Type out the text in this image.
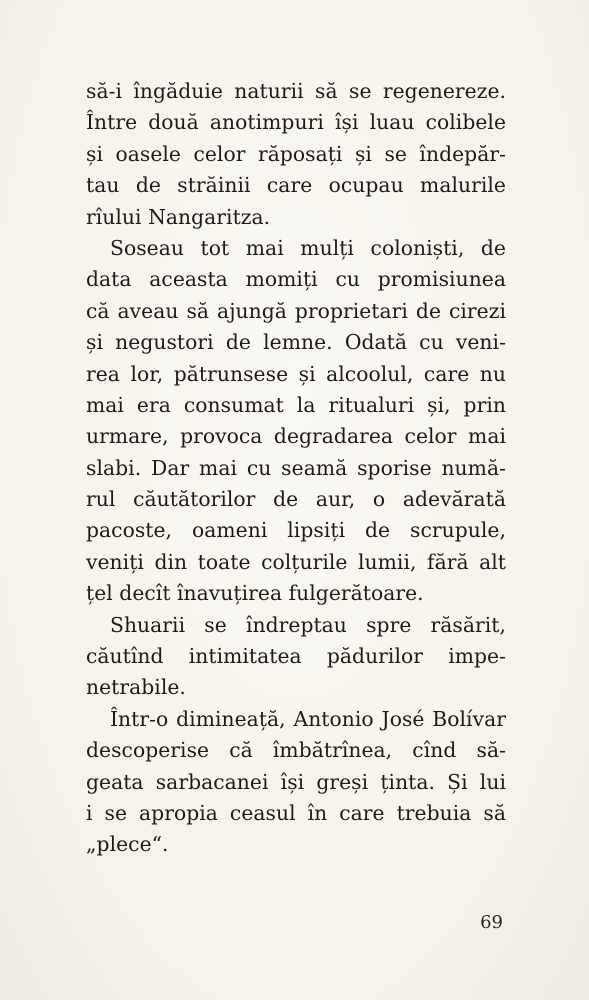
să-i îngăduie naturii să se regenereze.
Între două anotimpuri își luau colibele
și oasele celor răposați și se îndepăr-
tau de străinii care ocupau malurile
rîului Nangaritza.
Soseau tot mai mulți coloniști, de
data aceasta momiți cu promisiunea
că aveau să ajungă proprietari de cirezi
și negustori de lemne. Odată cu veni-
rea lor, pătrunsese și alcoolul, care nu
mai era consumat la ritualuri și, prin
urmare, provoca degradarea celor mai
slabi. Dar mai cu seamă sporise numă-
rul căutătorilor de aur, o adevărată
pacoste, oameni lipsiți de scrupule,
veniți din toate colțurile lumii, fără alt
țel decît înavuțirea fulgerătoare.
Shuarii se îndreptau spre răsărit,
căutînd intimitatea pădurilor impe-
netrabile.
Într-o dimineață, Antonio José Bolívar
descoperise că îmbătrînea, cînd să-
geata sarbacanei își greși ținta. Și lui
i se apropia ceasul în care trebuia să
„plece“.
69
